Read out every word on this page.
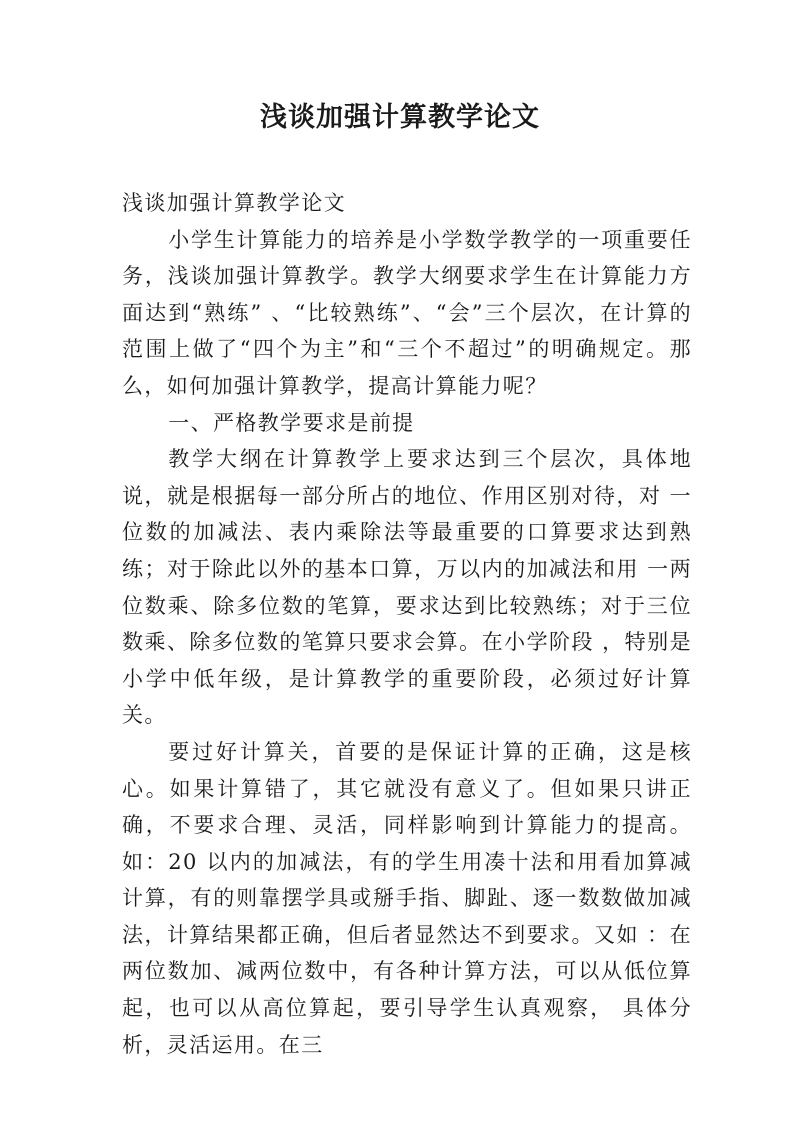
浅谈加强计算教学论文

浅谈加强计算教学论文

小学生计算能力的培养是小学数学教学的一项重要任务，浅谈加强计算教学。教学大纲要求学生在计算能力方面达到“熟练” 、“比较熟练”、“会”三个层次，在计算的范围上做了“四个为主”和“三个不超过”的明确规定。那么，如何加强计算教学，提高计算能力呢？

一、严格教学要求是前提

教学大纲在计算教学上要求达到三个层次，具体地说，就是根据每一部分所占的地位、作用区别对待，对 一位数的加减法、表内乘除法等最重要的口算要求达到熟练；对于除此以外的基本口算，万以内的加减法和用 一两位数乘、除多位数的笔算，要求达到比较熟练；对于三位数乘、除多位数的笔算只要求会算。在小学阶段 ，特别是小学中低年级，是计算教学的重要阶段，必须过好计算关。

要过好计算关，首要的是保证计算的正确，这是核心。如果计算错了，其它就没有意义了。但如果只讲正 确，不要求合理、灵活，同样影响到计算能力的提高。如：20 以内的加减法，有的学生用凑十法和用看加算减 计算，有的则靠摆学具或掰手指、脚趾、逐一数数做加减法，计算结果都正确，但后者显然达不到要求。又如 ：在两位数加、减两位数中，有各种计算方法，可以从低位算起，也可以从高位算起，要引导学生认真观察， 具体分析，灵活运用。在三
